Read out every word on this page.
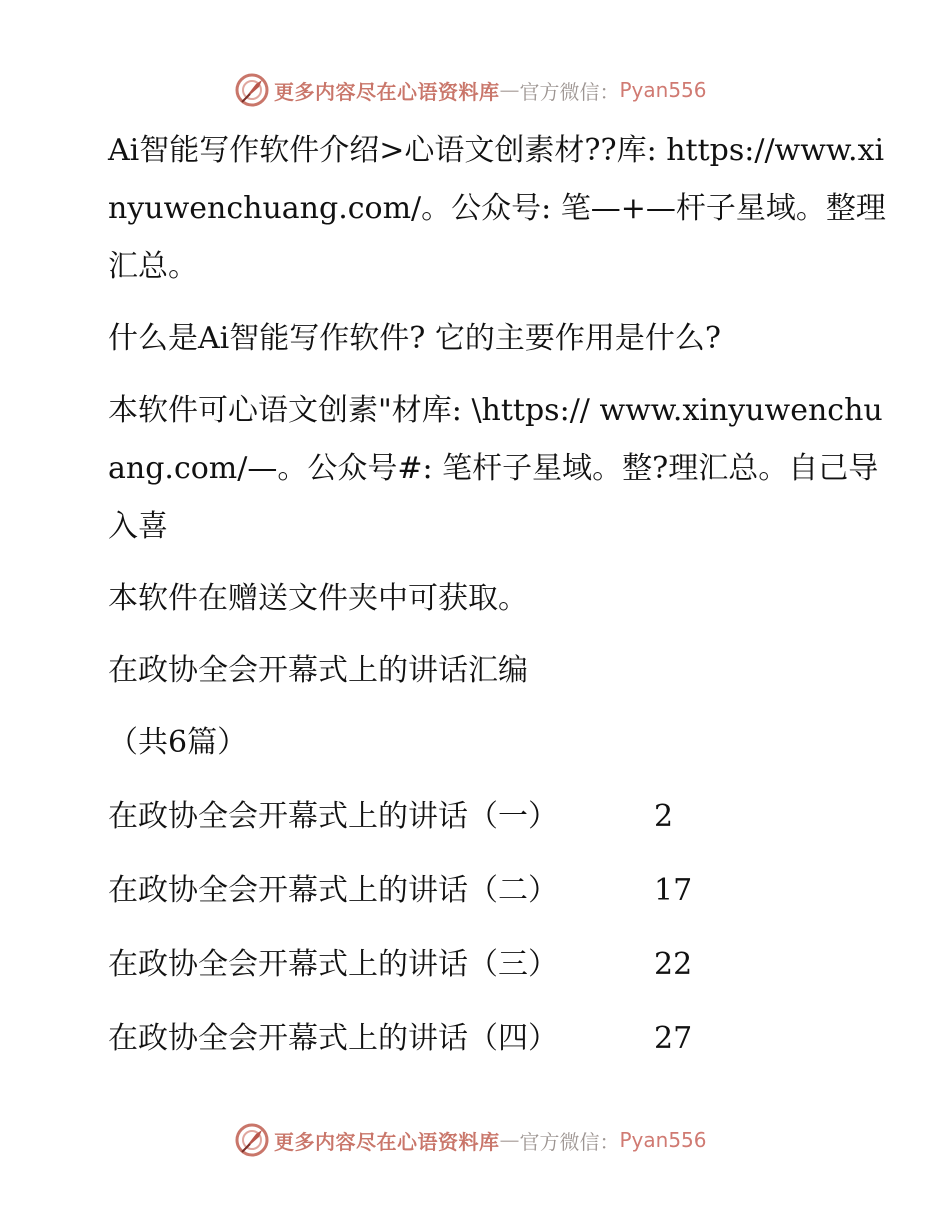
更多内容尽在心语资料库 — 官方微信： Pyan556

Ai智能写作软件介绍>心语文创素材??库: https://www.xinyuwenchuang.com/。公众号: 笔—+—杆子星域。整理汇总。

什么是Ai智能写作软件? 它的主要作用是什么?

本软件可心语文创素"材库: \https:// www.xinyuwenchuang.com/—。公众号#: 笔杆子星域。整?理汇总。自己导入喜

本软件在赠送文件夹中可获取。

在政协全会开幕式上的讲话汇编

（共6篇）

在政协全会开幕式上的讲话（一）	2
在政协全会开幕式上的讲话（二）	17
在政协全会开幕式上的讲话（三）	22
在政协全会开幕式上的讲话（四）	27
更多内容尽在心语资料库 — 官方微信： Pyan556
